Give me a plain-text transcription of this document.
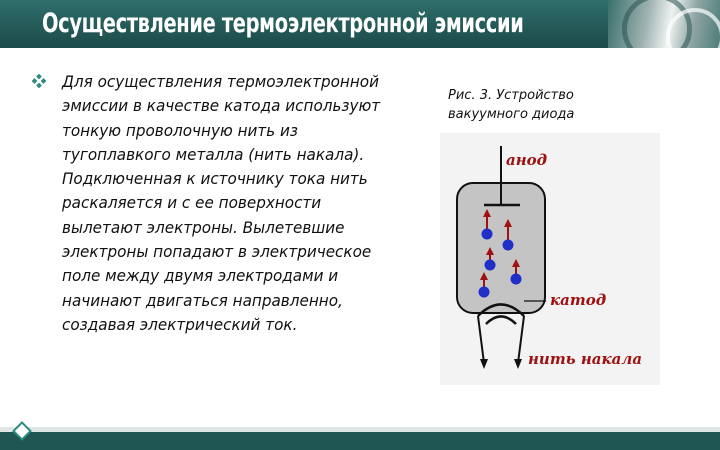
Осуществление термоэлектронной эмиссии
Для осуществления термоэлектронной эмиссии в качестве катода используют тонкую проволочную нить из тугоплавкого металла (нить накала). Подключенная к источнику тока нить раскаляется и с ее поверхности вылетают электроны. Вылетевшие электроны попадают в электрическое поле между двумя электродами и начинают двигаться направленно, создавая электрический ток.
Рис. 3. Устройство вакуумного диода
анод
катод
нить накала
